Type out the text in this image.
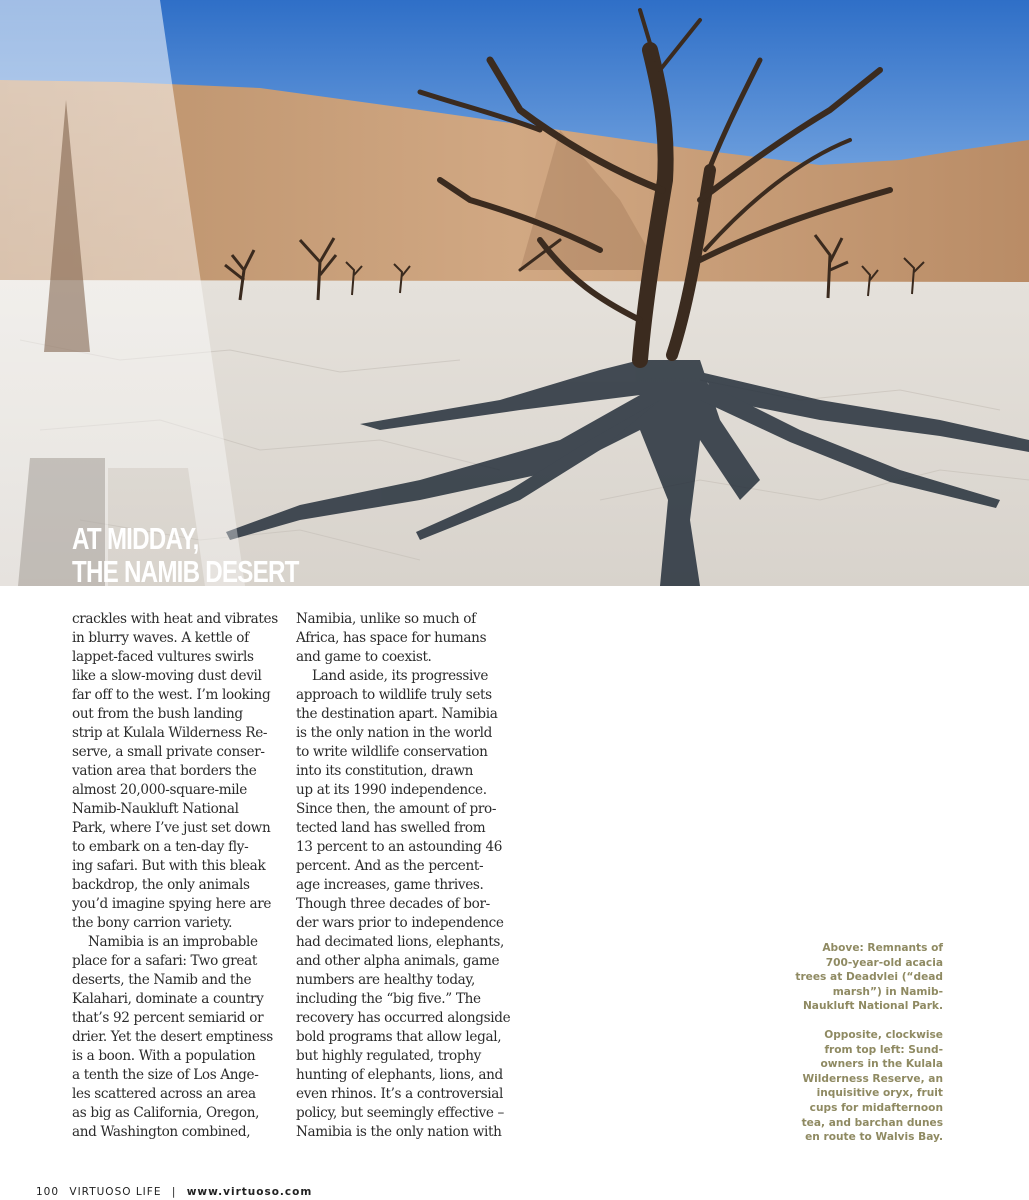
AT MIDDAY,
THE NAMIB DESERT

crackles with heat and vibrates

in blurry waves. A kettle of

lappet-faced vultures swirls

like a slow-moving dust devil

far off to the west. I’m looking

out from the bush landing

strip at Kulala Wilderness Re-

serve, a small private conser-

vation area that borders the

almost 20,000-square-mile

Namib-Naukluft National

Park, where I’ve just set down

to embark on a ten-day fly-

ing safari. But with this bleak

backdrop, the only animals

you’d imagine spying here are

the bony carrion variety.

Namibia is an improbable

place for a safari: Two great

deserts, the Namib and the

Kalahari, dominate a country

that’s 92 percent semiarid or

drier. Yet the desert emptiness

is a boon. With a population

a tenth the size of Los Ange-

les scattered across an area

as big as California, Oregon,

and Washington combined,

Namibia, unlike so much of

Africa, has space for humans

and game to coexist.

Land aside, its progressive

approach to wildlife truly sets

the destination apart. Namibia

is the only nation in the world

to write wildlife conservation

into its constitution, drawn

up at its 1990 independence.

Since then, the amount of pro-

tected land has swelled from

13 percent to an astounding 46

percent. And as the percent-

age increases, game thrives.

Though three decades of bor-

der wars prior to independence

had decimated lions, elephants,

and other alpha animals, game

numbers are healthy today,

including the “big five.” The

recovery has occurred alongside

bold programs that allow legal,

but highly regulated, trophy

hunting of elephants, lions, and

even rhinos. It’s a controversial

policy, but seemingly effective –

Namibia is the only nation with

Above: Remnants of
700-year-old acacia
trees at Deadvlei (“dead
marsh”) in Namib-
Naukluft National Park.

Opposite, clockwise
from top left: Sund-
owners in the Kulala
Wilderness Reserve, an
inquisitive oryx, fruit
cups for midafternoon
tea, and barchan dunes
en route to Walvis Bay.

100 VIRTUOSO LIFE | www.virtuoso.com
